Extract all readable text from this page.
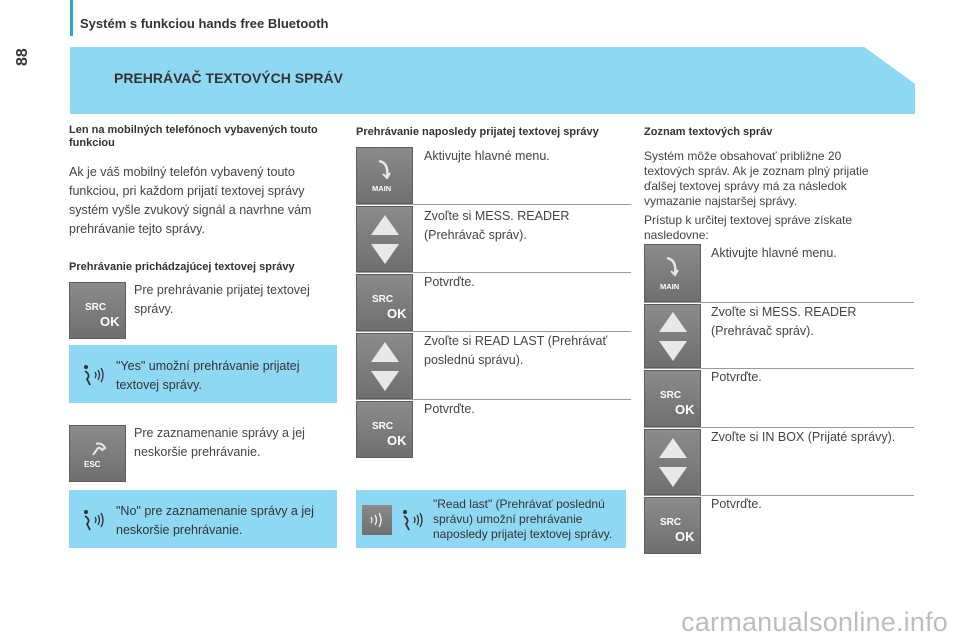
88
Systém s funkciou hands free Bluetooth
PREHRÁVAČ TEXTOVÝCH SPRÁV
Len na mobilných telefónoch vybavených touto funkciou
Ak je váš mobilný telefón vybavený touto funkciou, pri každom prijatí textovej správy systém vyšle zvukový signál a navrhne vám prehrávanie tejto správy.
Prehrávanie prichádzajúcej textovej správy
SRC
OK
Pre prehrávanie prijatej textovej správy.
"Yes" umožní prehrávanie prijatej textovej správy.
ESC
Pre zaznamenanie správy a jej neskoršie prehrávanie.
"No" pre zaznamenanie správy a jej neskoršie prehrávanie.
Prehrávanie naposledy prijatej textovej správy
MAIN
Aktivujte hlavné menu.
Zvoľte si MESS. READER (Prehrávač správ).
SRC
OK
Potvrďte.
Zvoľte si READ LAST (Prehrávať poslednú správu).
SRC
OK
Potvrďte.
"Read last" (Prehrávať poslednú správu) umožní prehrávanie naposledy prijatej textovej správy.
Zoznam textových správ
Systém môže obsahovať približne 20 textových správ. Ak je zoznam plný prijatie ďalšej textovej správy má za následok vymazanie najstaršej správy.
Prístup k určitej textovej správe získate nasledovne:
MAIN
Aktivujte hlavné menu.
Zvoľte si MESS. READER (Prehrávač správ).
SRC
OK
Potvrďte.
Zvoľte si IN BOX (Prijaté správy).
SRC
OK
Potvrďte.
carmanualsonline.info
